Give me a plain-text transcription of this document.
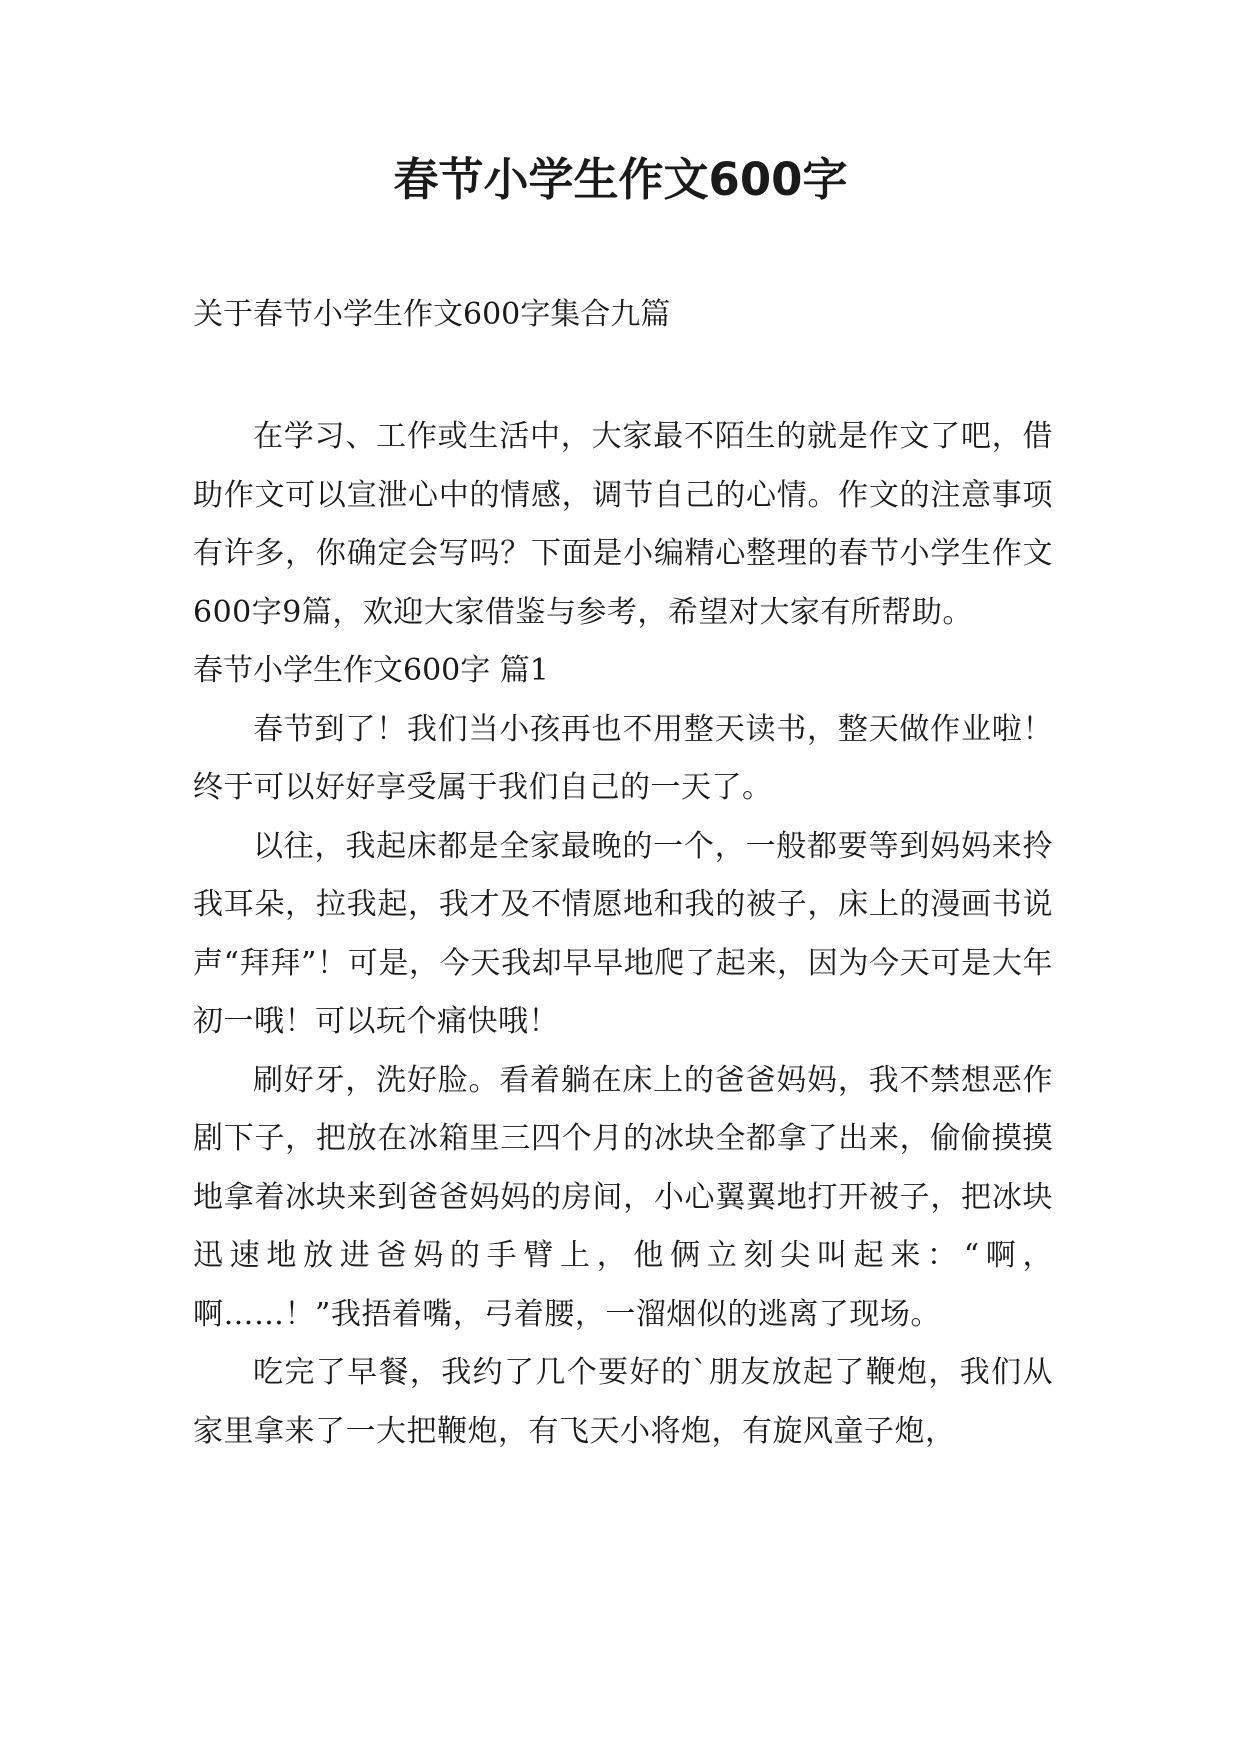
春节小学生作文600字
关于春节小学生作文600字集合九篇

在学习、工作或生活中，大家最不陌生的就是作文了吧，借助作文可以宣泄心中的情感，调节自己的心情。作文的注意事项有许多，你确定会写吗？下面是小编精心整理的春节小学生作文600字9篇，欢迎大家借鉴与参考，希望对大家有所帮助。

春节小学生作文600字 篇1

春节到了！我们当小孩再也不用整天读书，整天做作业啦！终于可以好好享受属于我们自己的一天了。

以往，我起床都是全家最晚的一个，一般都要等到妈妈来拎我耳朵，拉我起，我才及不情愿地和我的被子，床上的漫画书说声“拜拜”！可是，今天我却早早地爬了起来，因为今天可是大年初一哦！可以玩个痛快哦！

刷好牙，洗好脸。看着躺在床上的爸爸妈妈，我不禁想恶作剧下子，把放在冰箱里三四个月的冰块全都拿了出来，偷偷摸摸地拿着冰块来到爸爸妈妈的房间，小心翼翼地打开被子，把冰块迅速地放进爸妈的手臂上，他俩立刻尖叫起来：“啊，啊……！”我捂着嘴，弓着腰，一溜烟似的逃离了现场。

吃完了早餐，我约了几个要好的`朋友放起了鞭炮，我们从家里拿来了一大把鞭炮，有飞天小将炮，有旋风童子炮，
